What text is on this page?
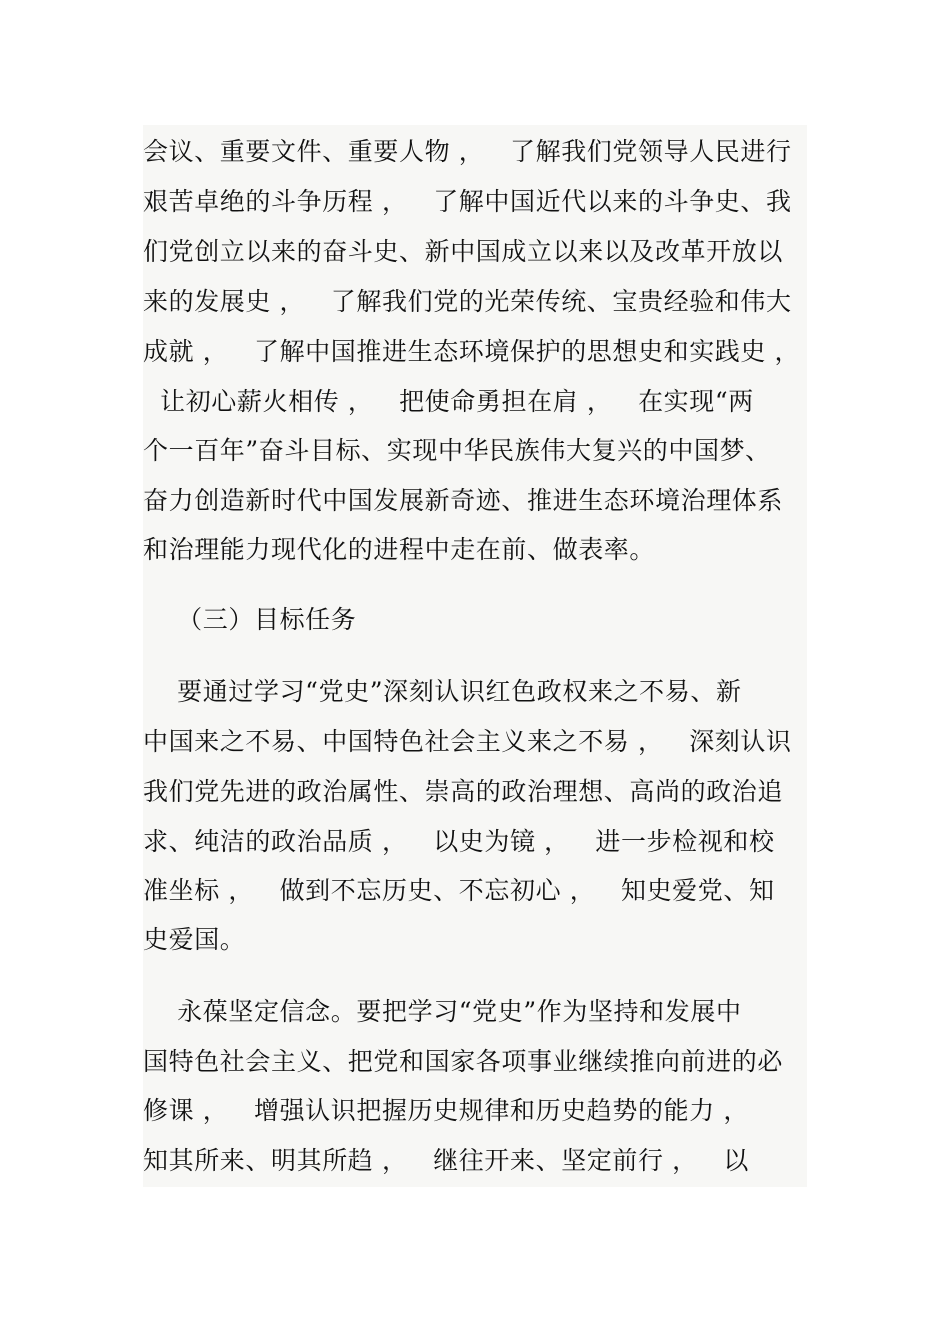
会议、重要文件、重要人物 ，   了解我们党领导人民进行
艰苦卓绝的斗争历程 ，   了解中国近代以来的斗争史、我
们党创立以来的奋斗史、新中国成立以来以及改革开放以
来的发展史 ，   了解我们党的光荣传统、宝贵经验和伟大
成就 ，   了解中国推进生态环境保护的思想史和实践史 ，
让初心薪火相传 ，   把使命勇担在肩 ，   在实现“两
个一百年”奋斗目标、实现中华民族伟大复兴的中国梦、
奋力创造新时代中国发展新奇迹、推进生态环境治理体系
和治理能力现代化的进程中走在前、做表率。
（三）目标任务
要通过学习“党史”深刻认识红色政权来之不易、新
中国来之不易、中国特色社会主义来之不易 ，   深刻认识
我们党先进的政治属性、崇高的政治理想、高尚的政治追
求、纯洁的政治品质 ，   以史为镜 ，   进一步检视和校
准坐标 ，   做到不忘历史、不忘初心 ，   知史爱党、知
史爱国。
永葆坚定信念。要把学习“党史”作为坚持和发展中
国特色社会主义、把党和国家各项事业继续推向前进的必
修课 ，   增强认识把握历史规律和历史趋势的能力 ，
知其所来、明其所趋 ，   继往开来、坚定前行 ，   以
